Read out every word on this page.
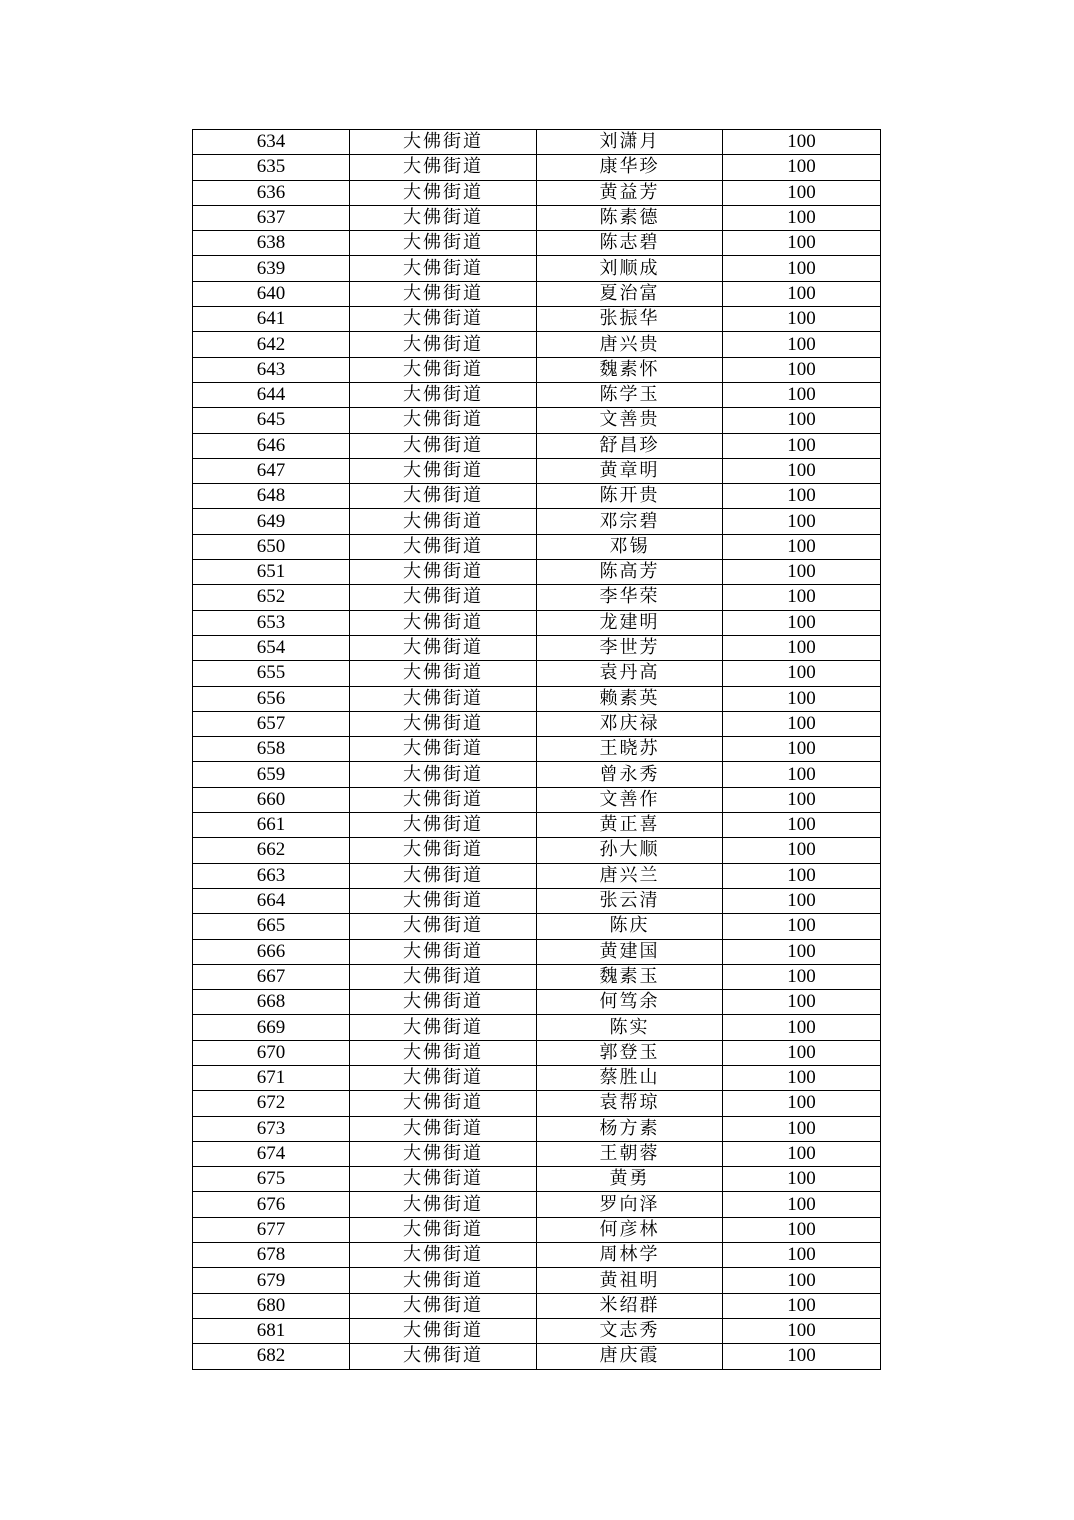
634	大佛街道	刘潇月	100
635	大佛街道	康华珍	100
636	大佛街道	黄益芳	100
637	大佛街道	陈素德	100
638	大佛街道	陈志碧	100
639	大佛街道	刘顺成	100
640	大佛街道	夏治富	100
641	大佛街道	张振华	100
642	大佛街道	唐兴贵	100
643	大佛街道	魏素怀	100
644	大佛街道	陈学玉	100
645	大佛街道	文善贵	100
646	大佛街道	舒昌珍	100
647	大佛街道	黄章明	100
648	大佛街道	陈开贵	100
649	大佛街道	邓宗碧	100
650	大佛街道	邓锡	100
651	大佛街道	陈高芳	100
652	大佛街道	李华荣	100
653	大佛街道	龙建明	100
654	大佛街道	李世芳	100
655	大佛街道	袁丹高	100
656	大佛街道	赖素英	100
657	大佛街道	邓庆禄	100
658	大佛街道	王晓苏	100
659	大佛街道	曾永秀	100
660	大佛街道	文善作	100
661	大佛街道	黄正喜	100
662	大佛街道	孙大顺	100
663	大佛街道	唐兴兰	100
664	大佛街道	张云清	100
665	大佛街道	陈庆	100
666	大佛街道	黄建国	100
667	大佛街道	魏素玉	100
668	大佛街道	何笃余	100
669	大佛街道	陈实	100
670	大佛街道	郭登玉	100
671	大佛街道	蔡胜山	100
672	大佛街道	袁帮琼	100
673	大佛街道	杨方素	100
674	大佛街道	王朝蓉	100
675	大佛街道	黄勇	100
676	大佛街道	罗向泽	100
677	大佛街道	何彦林	100
678	大佛街道	周林学	100
679	大佛街道	黄祖明	100
680	大佛街道	米绍群	100
681	大佛街道	文志秀	100
682	大佛街道	唐庆霞	100
